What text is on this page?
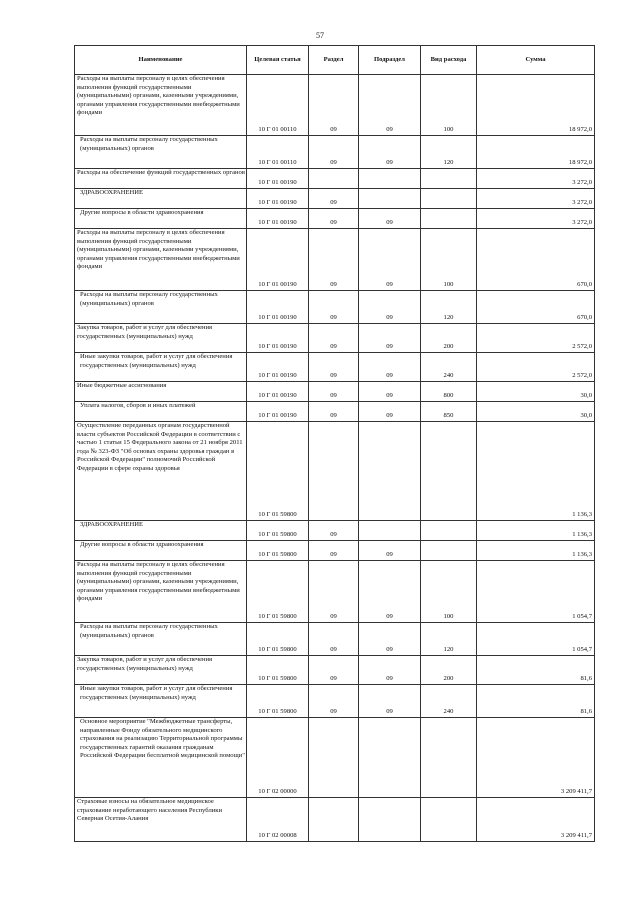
57
Наименование	Целевая статья	Раздел	Подраздел	Вид расхода	Сумма
Расходы на выплаты персоналу в целях обеспечения выполнения функций государственными (муниципальными) органами, казенными учреждениями, органами управления государственными внебюджетными фондами	10 Г 01 00110	09	09	100	18 972,0
Расходы на выплаты персоналу государственных (муниципальных) органов	10 Г 01 00110	09	09	120	18 972,0
Расходы на обеспечение функций государственных органов	10 Г 01 00190				3 272,0
ЗДРАВООХРАНЕНИЕ	10 Г 01 00190	09			3 272,0
Другие вопросы в области здравоохранения	10 Г 01 00190	09	09		3 272,0
Расходы на выплаты персоналу в целях обеспечения выполнения функций государственными (муниципальными) органами, казенными учреждениями, органами управления государственными внебюджетными фондами	10 Г 01 00190	09	09	100	670,0
Расходы на выплаты персоналу государственных (муниципальных) органов	10 Г 01 00190	09	09	120	670,0
Закупка товаров, работ и услуг для обеспечения государственных (муниципальных) нужд	10 Г 01 00190	09	09	200	2 572,0
Иные закупки товаров, работ и услуг для обеспечения государственных (муниципальных) нужд	10 Г 01 00190	09	09	240	2 572,0
Иные бюджетные ассигнования	10 Г 01 00190	09	09	800	30,0
Уплата налогов, сборов и иных платежей	10 Г 01 00190	09	09	850	30,0
Осуществление переданных органам государственной власти субъектов Российской Федерации в соответствии с частью 1 статьи 15 Федерального закона от 21 ноября 2011 года № 323-ФЗ "Об основах охраны здоровья граждан в Российской Федерации" полномочий Российской Федерации в сфере охраны здоровья	10 Г 01 59800				1 136,3
ЗДРАВООХРАНЕНИЕ	10 Г 01 59800	09			1 136,3
Другие вопросы в области здравоохранения	10 Г 01 59800	09	09		1 136,3
Расходы на выплаты персоналу в целях обеспечения выполнения функций государственными (муниципальными) органами, казенными учреждениями, органами управления государственными внебюджетными фондами	10 Г 01 59800	09	09	100	1 054,7
Расходы на выплаты персоналу государственных (муниципальных) органов	10 Г 01 59800	09	09	120	1 054,7
Закупка товаров, работ и услуг для обеспечения государственных (муниципальных) нужд	10 Г 01 59800	09	09	200	81,6
Иные закупки товаров, работ и услуг для обеспечения государственных (муниципальных) нужд	10 Г 01 59800	09	09	240	81,6
Основное мероприятие "Межбюджетные трансферты, направленные Фонду обязательного медицинского страхования на реализацию Территориальной программы государственных гарантий оказания гражданам Российской Федерации бесплатной медицинской помощи"	10 Г 02 00000				3 209 411,7
Страховые взносы на обязательное медицинское страхование неработающего населения Республики Северная Осетия-Алания	10 Г 02 00008				3 209 411,7
